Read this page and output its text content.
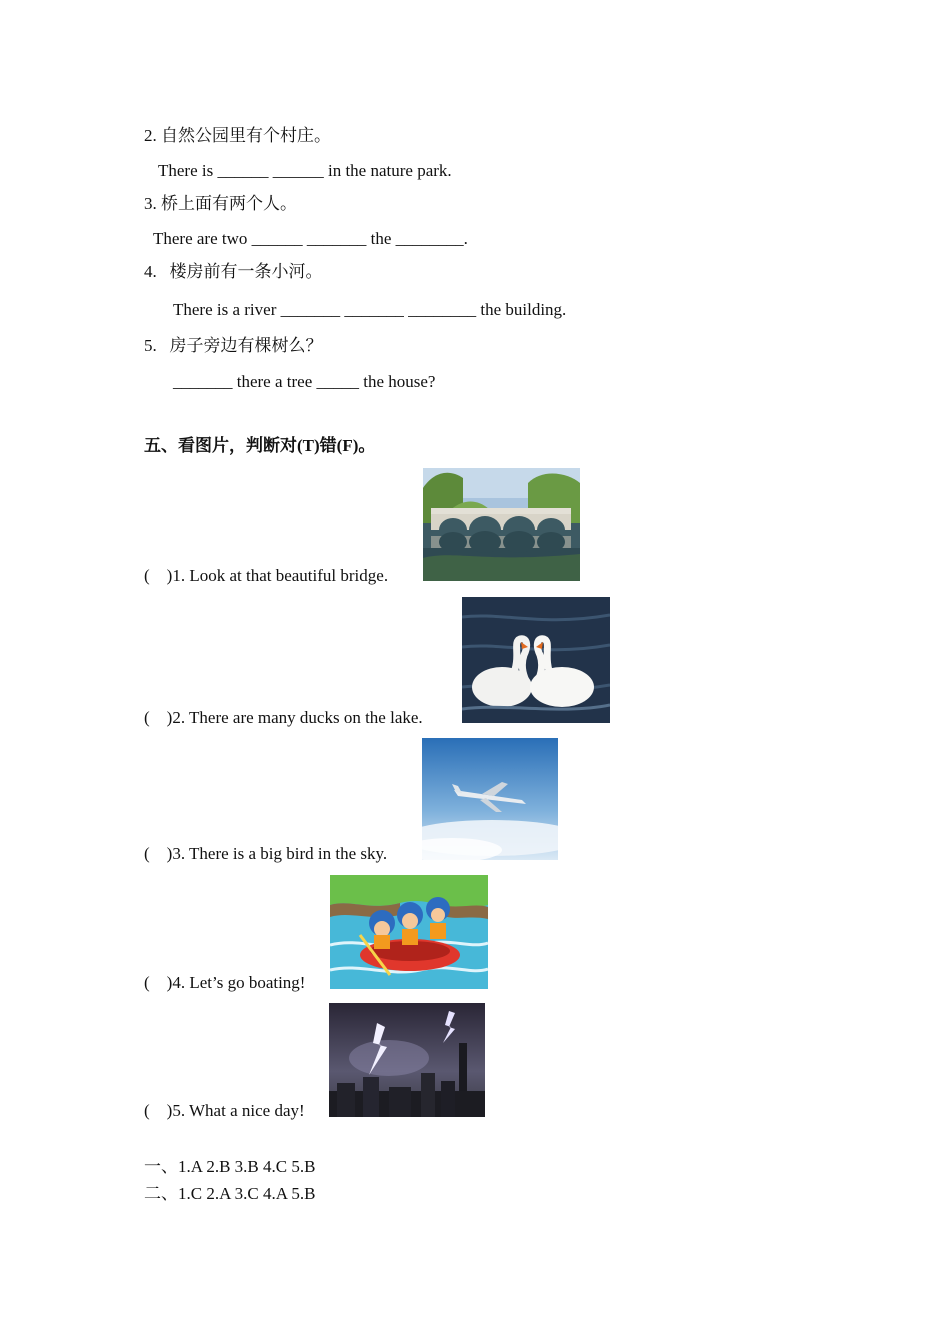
2. 自然公园里有个村庄。
There is ______ ______ in the nature park.
3. 桥上面有两个人。
There are two ______ _______ the ________.
4.   楼房前有一条小河。
There is a river _______ _______ ________ the building.
5.   房子旁边有棵树么？
_______ there a tree _____ the house?
五、看图片，判断对(T)错(F)。
(    )1. Look at that beautiful bridge.
(    )2. There are many ducks on the lake.
(    )3. There is a big bird in the sky.
(    )4. Let’s go boating!
(    )5. What a nice day!
一、1.A 2.B 3.B 4.C 5.B
二、1.C 2.A 3.C 4.A 5.B
